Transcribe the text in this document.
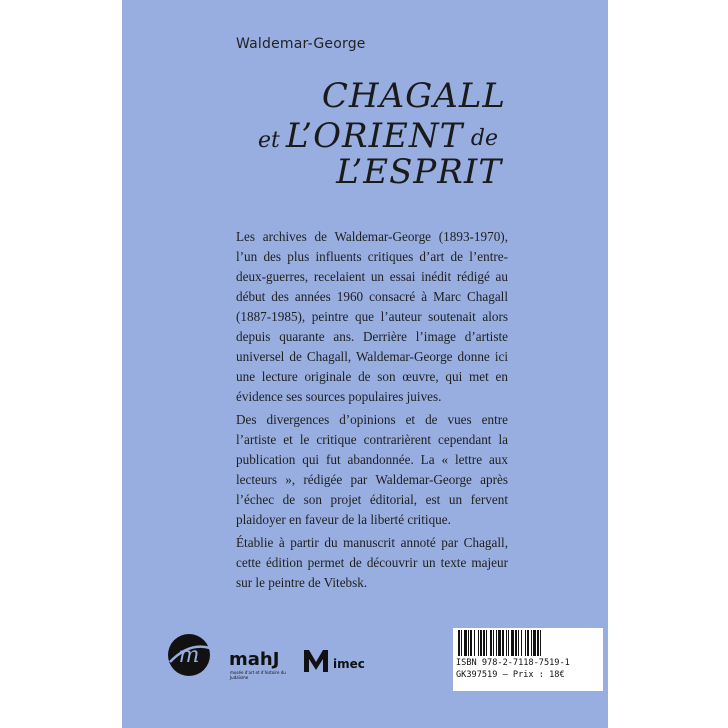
Waldemar-George
CHAGALL
et L’ORIENT de
L’ESPRIT

Les archives de Waldemar-George (1893-1970), l’un des plus influents critiques d’art de l’entre-deux-guerres, recelaient un essai inédit rédigé au début des années 1960 consacré à Marc Chagall (1887-1985), peintre que l’auteur soutenait alors depuis quarante ans. Derrière l’image d’artiste universel de Chagall, Waldemar-George donne ici une lecture originale de son œuvre, qui met en évidence ses sources populaires juives.

Des divergences d’opinions et de vues entre l’artiste et le critique contrarièrent cependant la publication qui fut abandonnée. La « lettre aux lecteurs », rédigée par Waldemar-George après l’échec de son projet éditorial, est un fervent plaidoyer en faveur de la liberté critique.

Établie à partir du manuscrit annoté par Chagall, cette édition permet de découvrir un texte majeur sur le peintre de Vitebsk.

m mahJ
musée d’art et d’histoire du Judaïsme
imec	ISBN 978-2-7118-7519-1
GK397519 — Prix : 18€
